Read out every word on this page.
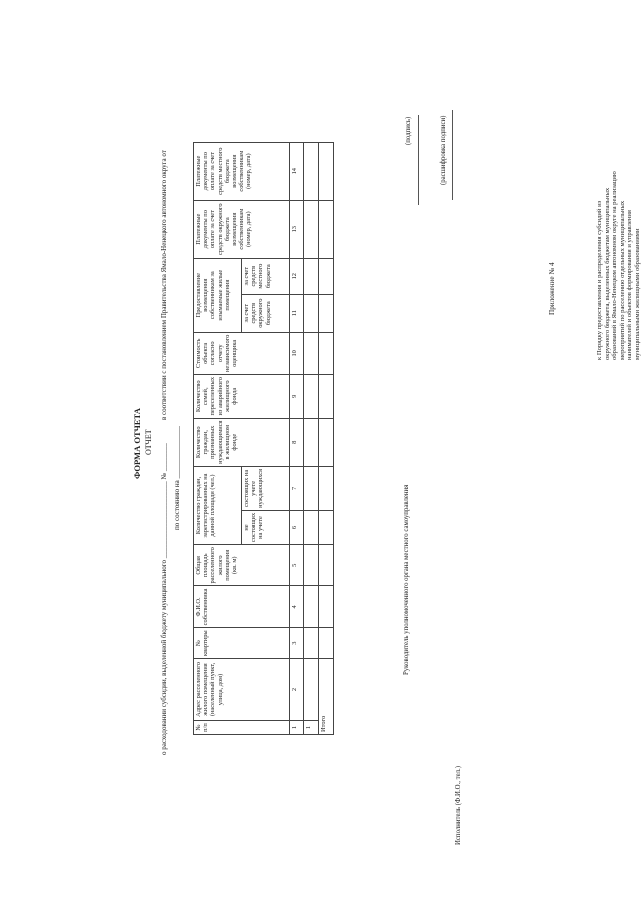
Приложение № 4	к Порядку предоставления и распределения субсидий из окружного бюджета, выделенных бюджетам муниципальных образований в Ямало-Ненецком автономном округе на реализацию мероприятий по расселению отдельных муниципальных нанимателей и объектов формирования и управления муниципальными жилищными образованиями
ФОРМА ОТЧЕТА ОТЧЕТ
о расходовании субсидии, выделенной бюджету муниципального ______________________ № ________
в соответствии с постановлением Правительства Ямало-Ненецкого автономного округа от
по состоянию на _______________
№ п/п	Адрес расселенного жилого помещения (населенный пункт, улица, дом)	№ квартиры	Ф.И.О. собственника	Общая площадь расселенного жилого помещения (кв. м)	Количество граждан, зарегистрированных на данной площади (чел.)		Количество граждан, признанных нуждающимися в жилищном фонде	Количество семей, переселенных из аварийного жилищного фонда	Стоимость объекта согласно отчету независимого оценщика	Предоставление возмещения собственникам за изымаемые жилые помещения		Платежные документы по оплате за счет средств окружного бюджета возмещения собственникам (номер, дата)	Платежные документы по оплате за счет средств местного бюджета возмещения собственникам (номер, дата)
					не состоящих на учете	состоящих на учете нуждающихся				за счет средств окружного бюджета	за счет средств местного бюджета		
1	2	3	4	5	6	7	8	9	10	11	12	13	14
1													
Итого													
Руководитель уполномоченного органа местного самоуправления
Исполнитель (Ф.И.О., тел.)
(подпись)	(расшифровка подписи)
